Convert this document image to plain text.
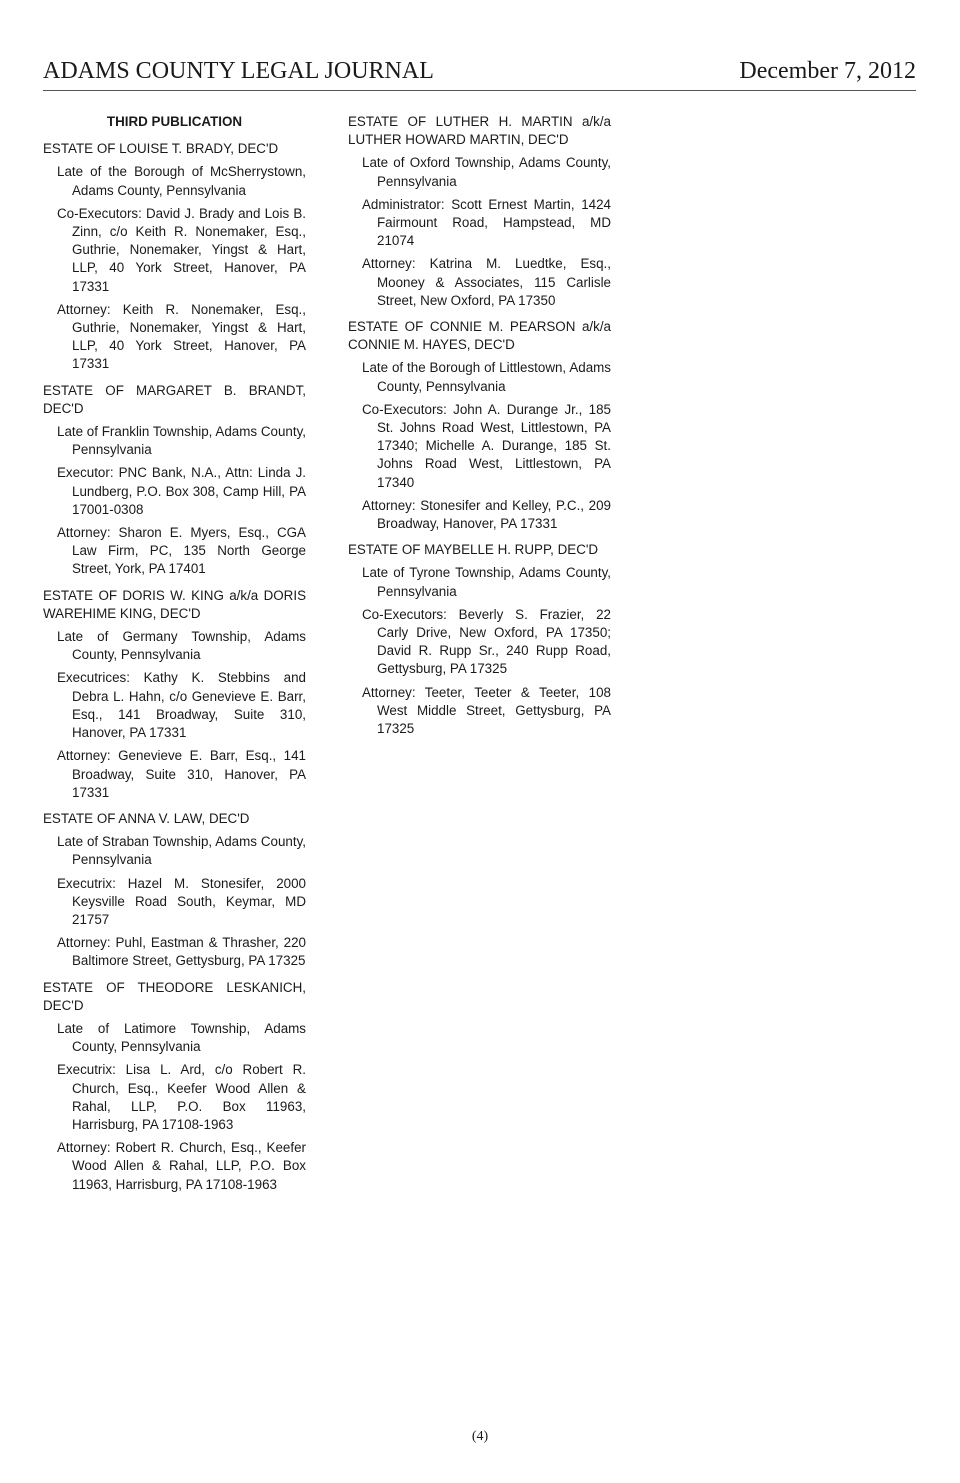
ADAMS COUNTY LEGAL JOURNAL	December 7, 2012
THIRD PUBLICATION
ESTATE OF LOUISE T. BRADY, DEC'D
Late of the Borough of McSherrystown, Adams County, Pennsylvania
Co-Executors: David J. Brady and Lois B. Zinn, c/o Keith R. Nonemaker, Esq., Guthrie, Nonemaker, Yingst & Hart, LLP, 40 York Street, Hanover, PA 17331
Attorney: Keith R. Nonemaker, Esq., Guthrie, Nonemaker, Yingst & Hart, LLP, 40 York Street, Hanover, PA 17331
ESTATE OF MARGARET B. BRANDT, DEC'D
Late of Franklin Township, Adams County, Pennsylvania
Executor: PNC Bank, N.A., Attn: Linda J. Lundberg, P.O. Box 308, Camp Hill, PA 17001-0308
Attorney: Sharon E. Myers, Esq., CGA Law Firm, PC, 135 North George Street, York, PA 17401
ESTATE OF DORIS W. KING a/k/a DORIS WAREHIME KING, DEC'D
Late of Germany Township, Adams County, Pennsylvania
Executrices: Kathy K. Stebbins and Debra L. Hahn, c/o Genevieve E. Barr, Esq., 141 Broadway, Suite 310, Hanover, PA 17331
Attorney: Genevieve E. Barr, Esq., 141 Broadway, Suite 310, Hanover, PA 17331
ESTATE OF ANNA V. LAW, DEC'D
Late of Straban Township, Adams County, Pennsylvania
Executrix: Hazel M. Stonesifer, 2000 Keysville Road South, Keymar, MD 21757
Attorney: Puhl, Eastman & Thrasher, 220 Baltimore Street, Gettysburg, PA 17325
ESTATE OF THEODORE LESKANICH, DEC'D
Late of Latimore Township, Adams County, Pennsylvania
Executrix: Lisa L. Ard, c/o Robert R. Church, Esq., Keefer Wood Allen & Rahal, LLP, P.O. Box 11963, Harrisburg, PA 17108-1963
Attorney: Robert R. Church, Esq., Keefer Wood Allen & Rahal, LLP, P.O. Box 11963, Harrisburg, PA 17108-1963
ESTATE OF LUTHER H. MARTIN a/k/a LUTHER HOWARD MARTIN, DEC'D
Late of Oxford Township, Adams County, Pennsylvania
Administrator: Scott Ernest Martin, 1424 Fairmount Road, Hampstead, MD 21074
Attorney: Katrina M. Luedtke, Esq., Mooney & Associates, 115 Carlisle Street, New Oxford, PA 17350
ESTATE OF CONNIE M. PEARSON a/k/a CONNIE M. HAYES, DEC'D
Late of the Borough of Littlestown, Adams County, Pennsylvania
Co-Executors: John A. Durange Jr., 185 St. Johns Road West, Littlestown, PA 17340; Michelle A. Durange, 185 St. Johns Road West, Littlestown, PA 17340
Attorney: Stonesifer and Kelley, P.C., 209 Broadway, Hanover, PA 17331
ESTATE OF MAYBELLE H. RUPP, DEC'D
Late of Tyrone Township, Adams County, Pennsylvania
Co-Executors: Beverly S. Frazier, 22 Carly Drive, New Oxford, PA 17350; David R. Rupp Sr., 240 Rupp Road, Gettysburg, PA 17325
Attorney: Teeter, Teeter & Teeter, 108 West Middle Street, Gettysburg, PA 17325
(4)
